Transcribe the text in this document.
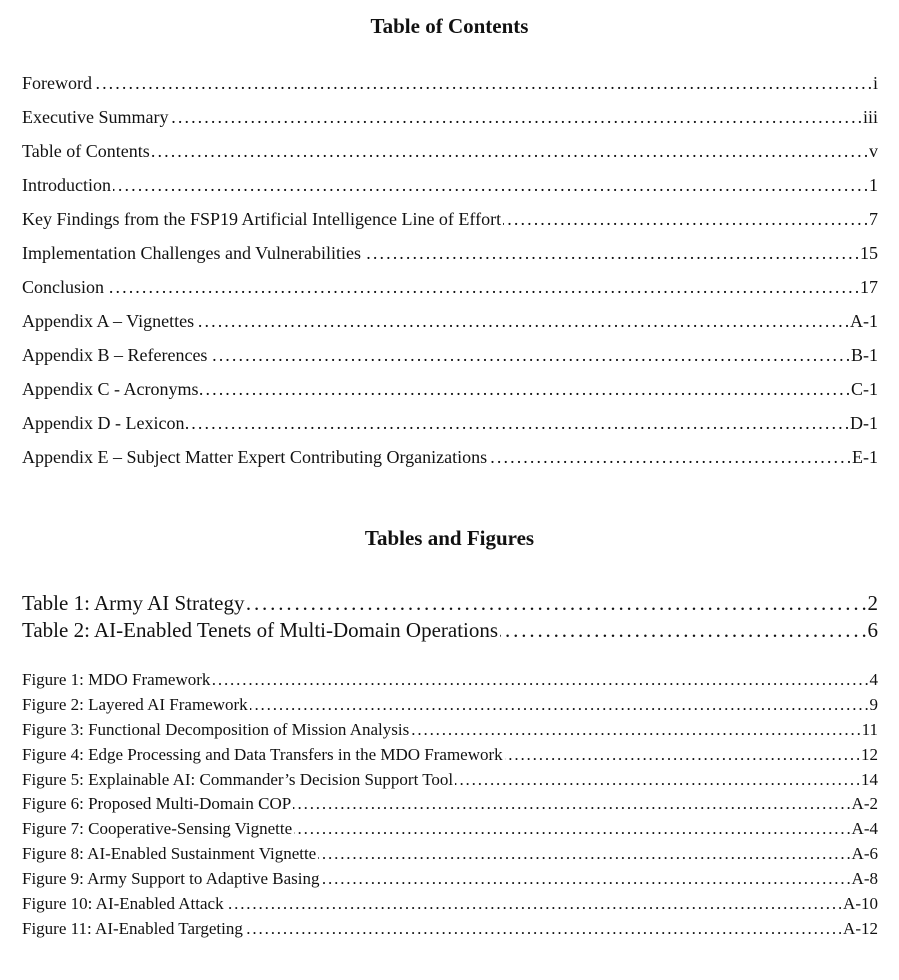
Table of Contents
Foreword . . .	i
Executive Summary . . .	iii
Table of Contents . . .	v
Introduction . . .	1
Key Findings from the FSP19 Artificial Intelligence Line of Effort . . .	7
Implementation Challenges and Vulnerabilities . . .	15
Conclusion . . .	17
Appendix A – Vignettes . . .	A-1
Appendix B – References . . .	B-1
Appendix C - Acronyms . . .	C-1
Appendix D - Lexicon . . .	D-1
Appendix E – Subject Matter Expert Contributing Organizations . . .	E-1
Tables and Figures
Table 1: Army AI Strategy . . .	2
Table 2: AI-Enabled Tenets of Multi-Domain Operations . . .	6
Figure 1: MDO Framework . . .	4
Figure 2: Layered AI Framework . . .	9
Figure 3: Functional Decomposition of Mission Analysis . . .	11
Figure 4: Edge Processing and Data Transfers in the MDO Framework . . .	12
Figure 5: Explainable AI: Commander’s Decision Support Tool . . .	14
Figure 6: Proposed Multi-Domain COP . . .	A-2
Figure 7: Cooperative-Sensing Vignette . . .	A-4
Figure 8: AI-Enabled Sustainment Vignette . . .	A-6
Figure 9: Army Support to Adaptive Basing . . .	A-8
Figure 10: AI-Enabled Attack . . .	A-10
Figure 11: AI-Enabled Targeting . . .	A-12
